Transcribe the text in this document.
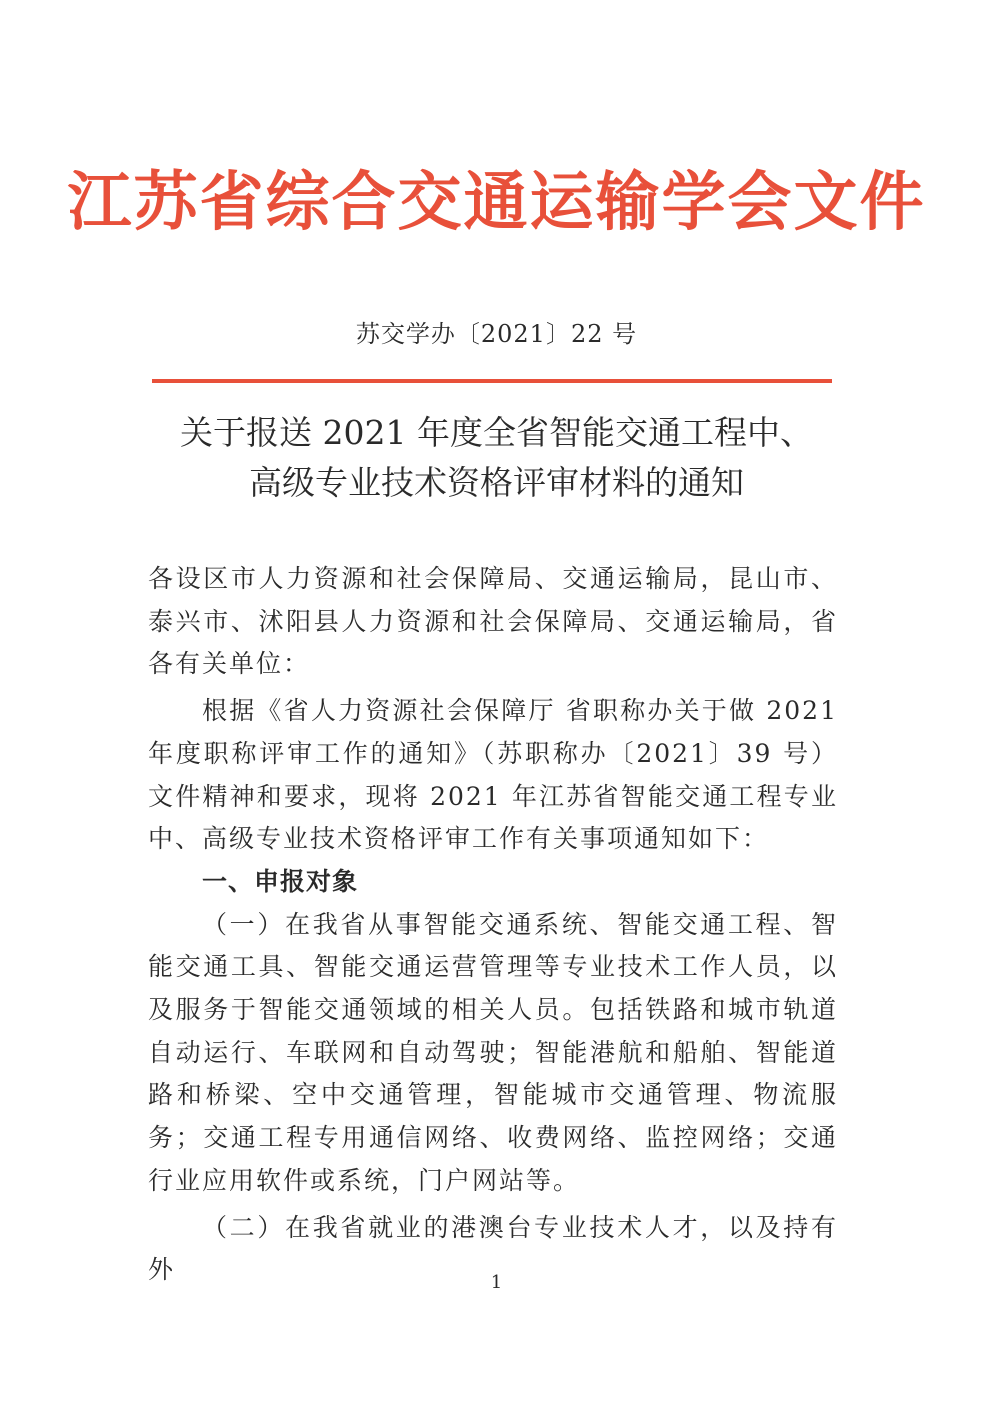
江苏省综合交通运输学会文件
苏交学办〔2021〕22 号
关于报送 2021 年度全省智能交通工程中、
高级专业技术资格评审材料的通知

各设区市人力资源和社会保障局、交通运输局，昆山市、泰兴市、沭阳县人力资源和社会保障局、交通运输局，省各有关单位：

根据《省人力资源社会保障厅 省职称办关于做 2021 年度职称评审工作的通知》（苏职称办〔2021〕39 号）文件精神和要求，现将 2021 年江苏省智能交通工程专业中、高级专业技术资格评审工作有关事项通知如下：

一、申报对象

（一）在我省从事智能交通系统、智能交通工程、智能交通工具、智能交通运营管理等专业技术工作人员，以及服务于智能交通领域的相关人员。包括铁路和城市轨道自动运行、车联网和自动驾驶；智能港航和船舶、智能道路和桥梁、空中交通管理，智能城市交通管理、物流服务；交通工程专用通信网络、收费网络、监控网络；交通行业应用软件或系统，门户网站等。

（二）在我省就业的港澳台专业技术人才，以及持有外	1
